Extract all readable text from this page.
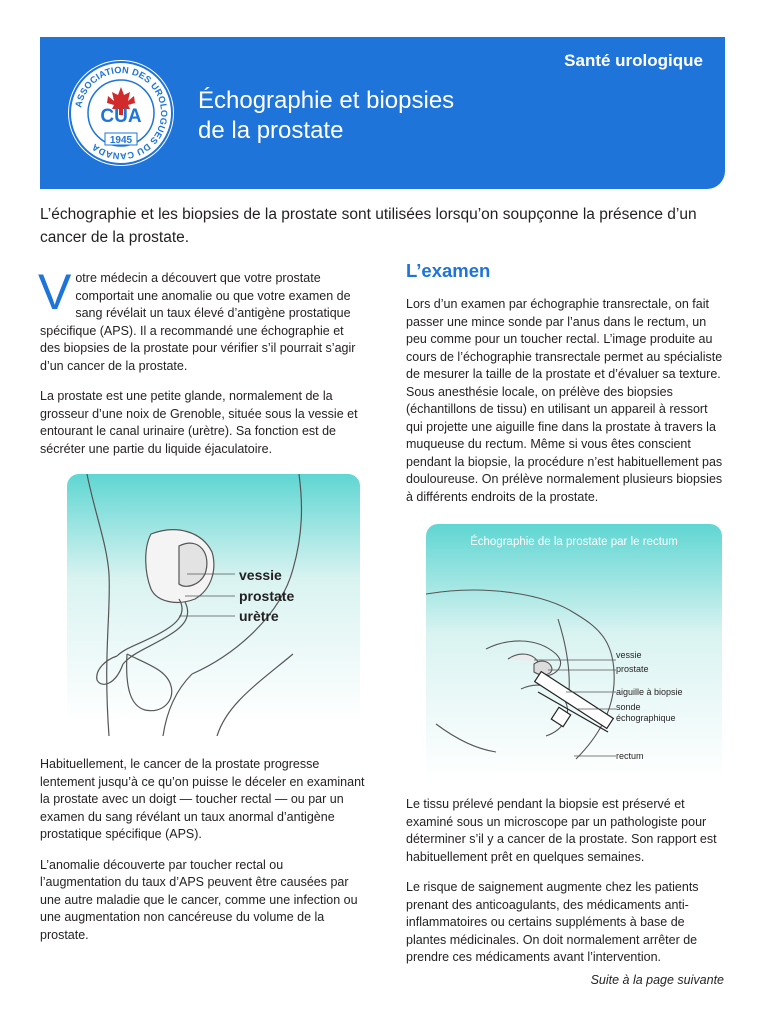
Santé urologique
Échographie et biopsies
de la prostate
ASSOCIATION DES UROLOGUES DU CANADA
CUA
1945
L’échographie et les biopsies de la prostate sont utilisées lorsqu’on soupçonne la présence d’un cancer de la prostate.

Votre médecin a découvert que votre prostate comportait une anomalie ou que votre examen de sang révélait un taux élevé d’antigène prostatique spécifique (APS). Il a recommandé une échographie et des biopsies de la prostate pour vérifier s’il pourrait s’agir d’un cancer de la prostate.

La prostate est une petite glande, normalement de la grosseur d’une noix de Grenoble, située sous la vessie et entourant le canal urinaire (urètre). Sa fonction est de sécréter une partie du liquide éjaculatoire.

vessie
prostate
urètre

Habituellement, le cancer de la prostate progresse lentement jusqu’à ce qu’on puisse le déceler en examinant la prostate avec un doigt — toucher rectal — ou par un examen du sang révélant un taux anormal d’antigène prostatique spécifique (APS).

L’anomalie découverte par toucher rectal ou l’augmentation du taux d’APS peuvent être causées par une autre maladie que le cancer, comme une infection ou une augmentation non cancéreuse du volume de la prostate.

L’examen

Lors d’un examen par échographie transrectale, on fait passer une mince sonde par l’anus dans le rectum, un peu comme pour un toucher rectal. L’image produite au cours de l’échographie transrectale permet au spécialiste de mesurer la taille de la prostate et d’évaluer sa texture. Sous anesthésie locale, on prélève des biopsies (échantillons de tissu) en utilisant un appareil à ressort qui projette une aiguille fine dans la prostate à travers la muqueuse du rectum. Même si vous êtes conscient pendant la biopsie, la procédure n’est habituellement pas douloureuse. On prélève normalement plusieurs biopsies à différents endroits de la prostate.

Échographie de la prostate par le rectum
vessie
prostate
aiguille à biopsie
sonde
échographique
rectum

Le tissu prélevé pendant la biopsie est préservé et examiné sous un microscope par un pathologiste pour déterminer s’il y a cancer de la prostate. Son rapport est habituellement prêt en quelques semaines.

Le risque de saignement augmente chez les patients prenant des anticoagulants, des médicaments anti-inflammatoires ou certains suppléments à base de plantes médicinales. On doit normalement arrêter de prendre ces médicaments avant l’intervention.

Suite à la page suivante
